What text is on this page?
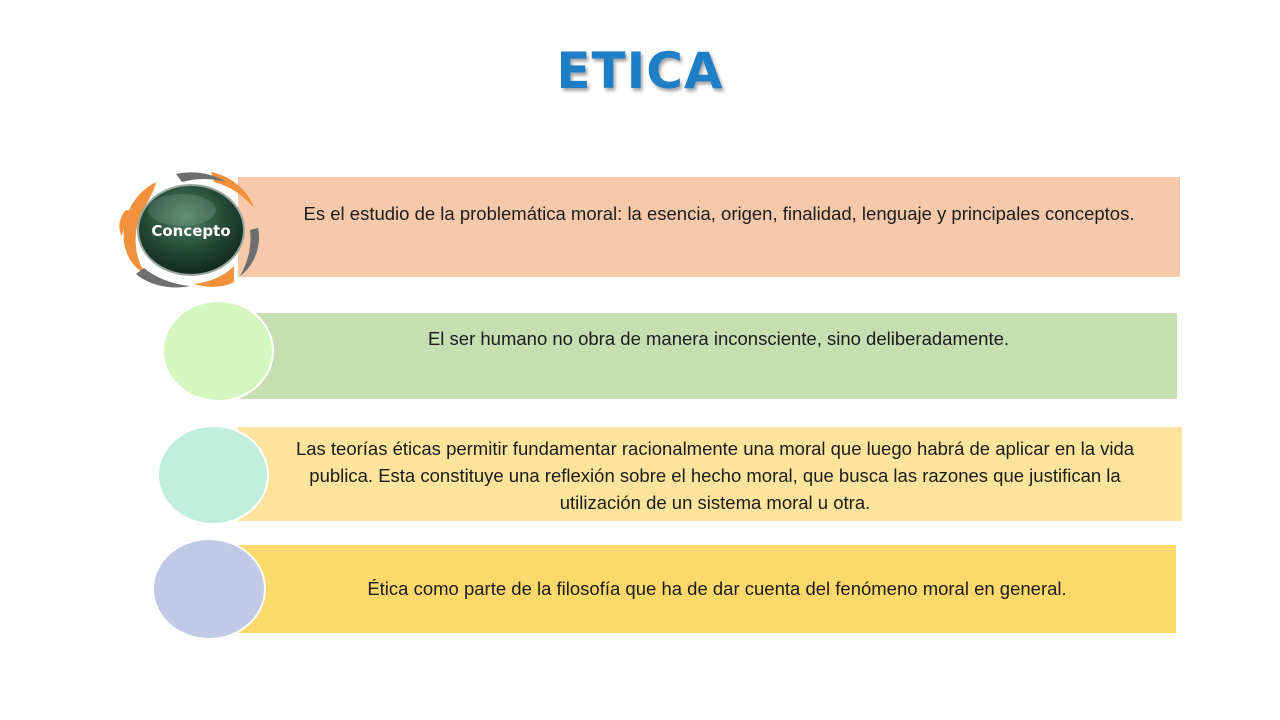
ETICA
Es el estudio de la problemática moral: la esencia, origen, finalidad, lenguaje y principales conceptos.
El ser humano no obra de manera inconsciente, sino deliberadamente.
Las teorías éticas permitir fundamentar racionalmente una moral que luego habrá de aplicar en la vida publica. Esta constituye una reflexión sobre el hecho moral, que busca las razones que justifican la utilización de un sistema moral u otra.
Ética como parte de la filosofía que ha de dar cuenta del fenómeno moral en general.
Concepto
